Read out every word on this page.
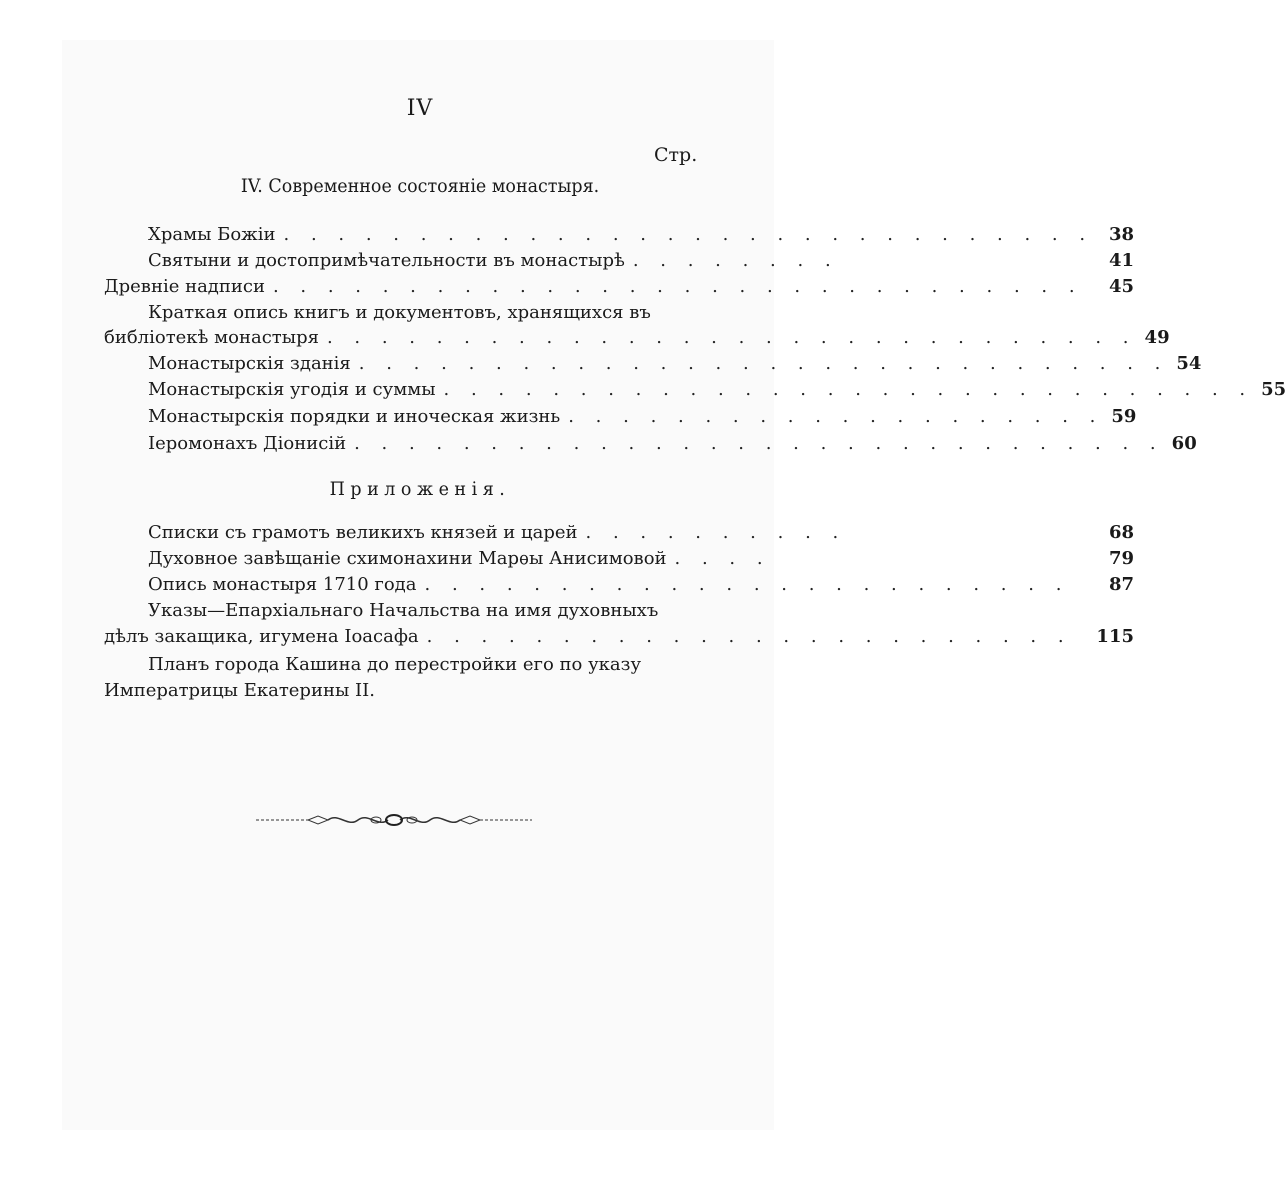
IV
Стр.
IV. Современное состояніе монастыря.
Храмы Божіи . . . . . . . . . . . . . . . . . . . . . . . . . . . . . . 38
Святыни и достопримѣчательности въ монастырѣ . . . . . . . .	41
Древніе надписи . . . . . . . . . . . . . . . . . . . . . . . . . . . . . .	45
Краткая опись книгъ и документовъ, хранящихся въ
библіотекѣ монастыря . . . . . . . . . . . . . . . . . . . . . . . . . . . . . . 49
Монастырскія зданія . . . . . . . . . . . . . . . . . . . . . . . . . . . . . . 54
Монастырскія угодія и суммы . . . . . . . . . . . . . . . . . . . . . . . . . . . . . . 55
Монастырскія порядки и иноческая жизнь . . . . . . . . . . . . . . . . . . . . 59
Іеромонахъ Діонисій . . . . . . . . . . . . . . . . . . . . . . . . . . . . . . 60
Приложенія.
Списки съ грамотъ великихъ князей и царей . . . . . . . . . .	68
Духовное завѣщаніе схимонахини Марѳы Анисимовой . . . .	79
Опись монастыря 1710 года . . . . . . . . . . . . . . . . . . . . . . . .	87
Указы—Епархіальнаго Начальства на имя духовныхъ
дѣлъ закащика, игумена Іоасафа . . . . . . . . . . . . . . . . . . . . . . . .	115
Планъ города Кашина до перестройки его по указу
Императрицы Екатерины II.
